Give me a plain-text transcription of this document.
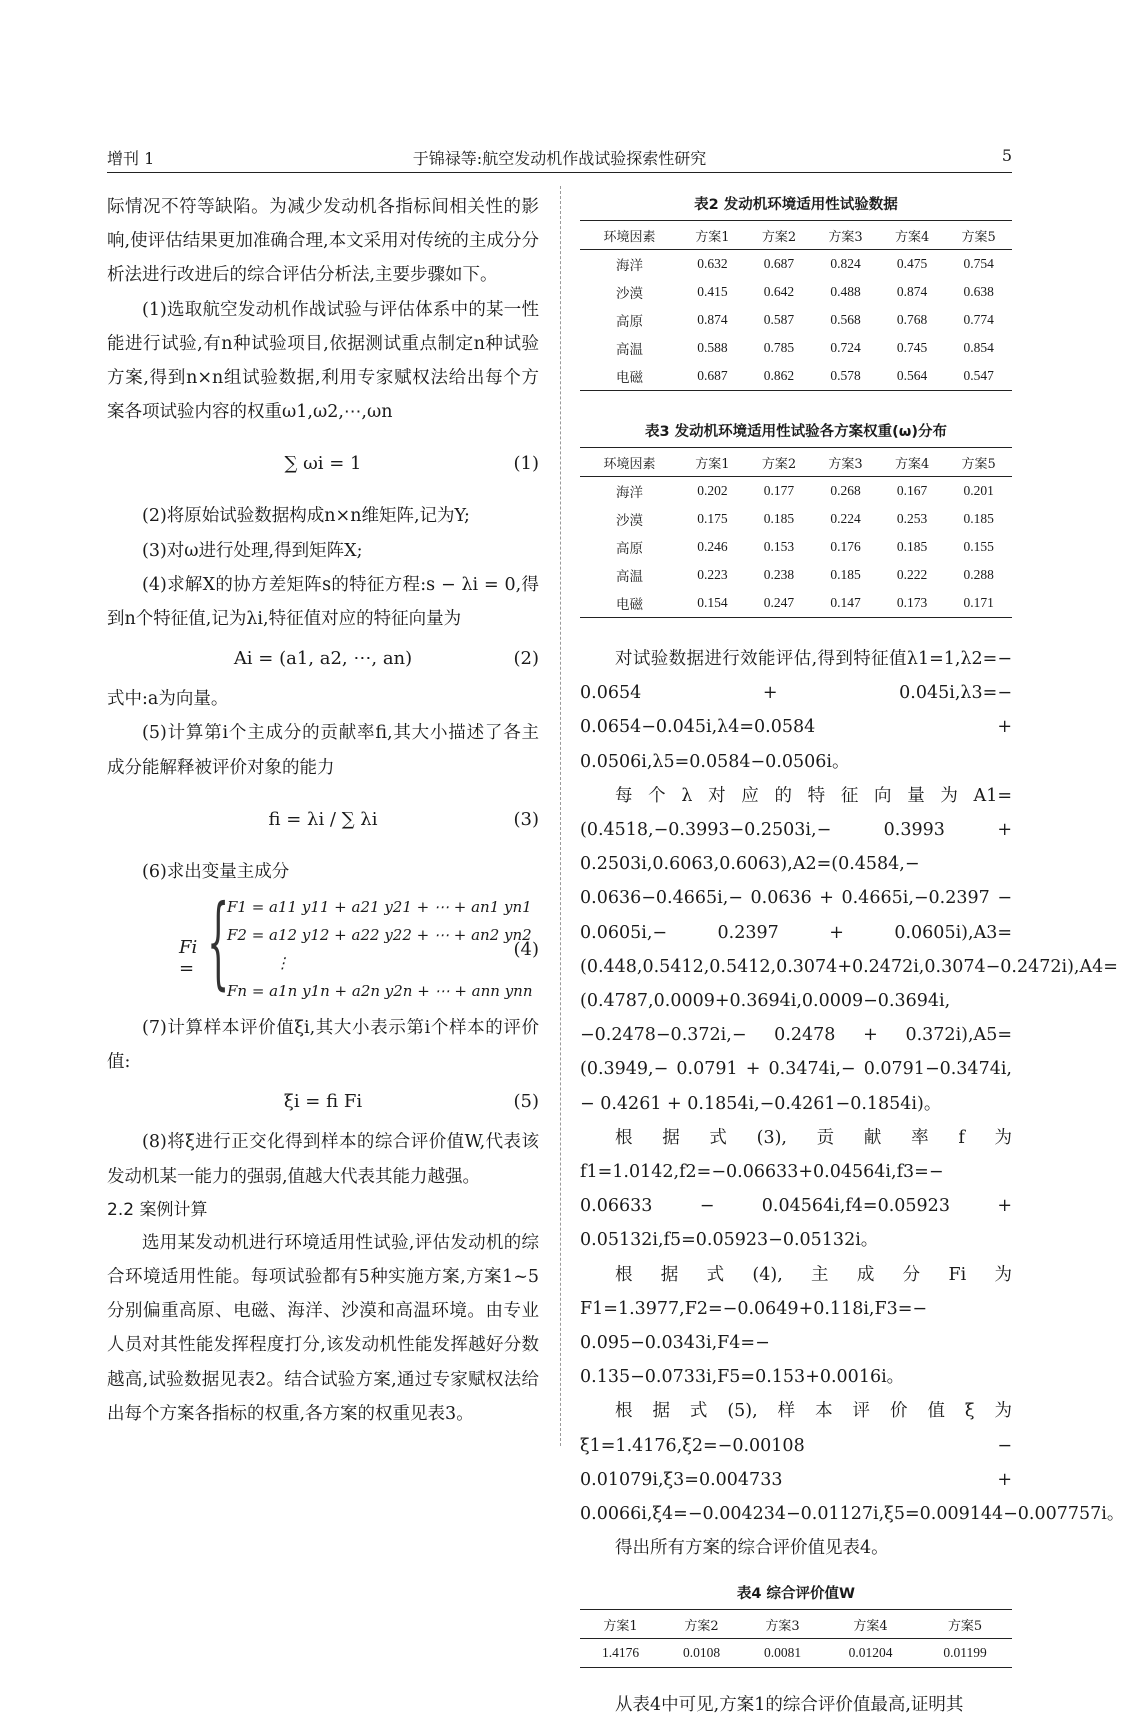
增刊 1	于锦禄等:航空发动机作战试验探索性研究	5

际情况不符等缺陷。为减少发动机各指标间相关性的影响,使评估结果更加准确合理,本文采用对传统的主成分分析法进行改进后的综合评估分析法,主要步骤如下。

(1)选取航空发动机作战试验与评估体系中的某一性能进行试验,有n种试验项目,依据测试重点制定n种试验方案,得到n×n组试验数据,利用专家赋权法给出每个方案各项试验内容的权重ω1,ω2,⋯,ωn

∑ ωi = 1	(1)

(2)将原始试验数据构成n×n维矩阵,记为Y;

(3)对ω进行处理,得到矩阵X;

(4)求解X的协方差矩阵s的特征方程:s − λi = 0,得到n个特征值,记为λi,特征值对应的特征向量为

Ai = (a1, a2, ⋯, an)	(2)

式中:a为向量。

(5)计算第i个主成分的贡献率fi,其大小描述了各主成分能解释被评价对象的能力

fi = λi / ∑ λi	(3)

(6)求出变量主成分

Fi = {
F1 = a11 y11 + a21 y21 + ⋯ + an1 yn1
F2 = a12 y12 + a22 y22 + ⋯ + an2 yn2
⋮
Fn = a1n y1n + a2n y2n + ⋯ + ann ynn
(4)

(7)计算样本评价值ξi,其大小表示第i个样本的评价值:

ξi = fi Fi	(5)

(8)将ξ进行正交化得到样本的综合评价值W,代表该发动机某一能力的强弱,值越大代表其能力越强。

2.2 案例计算

选用某发动机进行环境适用性试验,评估发动机的综合环境适用性能。每项试验都有5种实施方案,方案1~5分别偏重高原、电磁、海洋、沙漠和高温环境。由专业人员对其性能发挥程度打分,该发动机性能发挥越好分数越高,试验数据见表2。结合试验方案,通过专家赋权法给出每个方案各指标的权重,各方案的权重见表3。

表2 发动机环境适用性试验数据
环境因素	方案1	方案2	方案3	方案4	方案5
海洋	0.632	0.687	0.824	0.475	0.754
沙漠	0.415	0.642	0.488	0.874	0.638
高原	0.874	0.587	0.568	0.768	0.774
高温	0.588	0.785	0.724	0.745	0.854
电磁	0.687	0.862	0.578	0.564	0.547
表3 发动机环境适用性试验各方案权重(ω)分布
环境因素	方案1	方案2	方案3	方案4	方案5
海洋	0.202	0.177	0.268	0.167	0.201
沙漠	0.175	0.185	0.224	0.253	0.185
高原	0.246	0.153	0.176	0.185	0.155
高温	0.223	0.238	0.185	0.222	0.288
电磁	0.154	0.247	0.147	0.173	0.171

对试验数据进行效能评估,得到特征值λ1=1,λ2=− 0.0654 + 0.045i,λ3=− 0.0654−0.045i,λ4=0.0584 + 0.0506i,λ5=0.0584−0.0506i。

每个λ对应的特征向量为A1=(0.4518,−0.3993−0.2503i,− 0.3993 + 0.2503i,0.6063,0.6063),A2=(0.4584,− 0.0636−0.4665i,− 0.0636 + 0.4665i,−0.2397 − 0.0605i,− 0.2397 + 0.0605i),A3=(0.448,0.5412,0.5412,0.3074+0.2472i,0.3074−0.2472i),A4=(0.4787,0.0009+0.3694i,0.0009−0.3694i, −0.2478−0.372i,− 0.2478 + 0.372i),A5=(0.3949,− 0.0791 + 0.3474i,− 0.0791−0.3474i, − 0.4261 + 0.1854i,−0.4261−0.1854i)。

根据式(3),贡献率f为f1=1.0142,f2=−0.06633+0.04564i,f3=− 0.06633 − 0.04564i,f4=0.05923 + 0.05132i,f5=0.05923−0.05132i。

根据式(4),主成分Fi为F1=1.3977,F2=−0.0649+0.118i,F3=− 0.095−0.0343i,F4=− 0.135−0.0733i,F5=0.153+0.0016i。

根据式(5),样本评价值ξ为ξ1=1.4176,ξ2=−0.00108 − 0.01079i,ξ3=0.004733 + 0.0066i,ξ4=−0.004234−0.01127i,ξ5=0.009144−0.007757i。

得出所有方案的综合评价值见表4。

表4 综合评价值W
方案1	方案2	方案3	方案4	方案5
1.4176	0.0108	0.0081	0.01204	0.01199

从表4中可见,方案1的综合评价值最高,证明其
